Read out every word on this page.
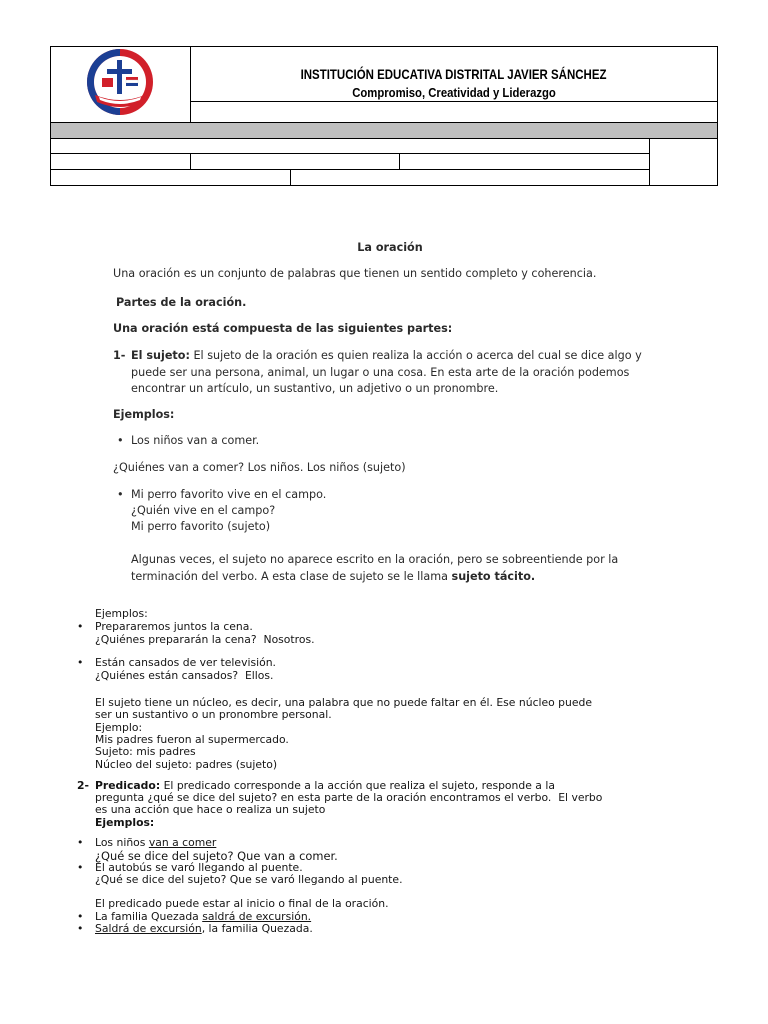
INSTITUCIÓN EDUCATIVA DISTRITAL JAVIER SÁNCHEZ
Compromiso, Creatividad y Liderazgo
La oración
Una oración es un conjunto de palabras que tienen un sentido completo y coherencia.
Partes de la oración.
Una oración está compuesta de las siguientes partes:
1- El sujeto: El sujeto de la oración es quien realiza la acción o acerca del cual se dice algo y
puede ser una persona, animal, un lugar o una cosa. En esta arte de la oración podemos
encontrar un artículo, un sustantivo, un adjetivo o un pronombre.
Ejemplos:
• Los niños van a comer.
¿Quiénes van a comer? Los niños. Los niños (sujeto)
• Mi perro favorito vive en el campo.
¿Quién vive en el campo?
Mi perro favorito (sujeto)
Algunas veces, el sujeto no aparece escrito en la oración, pero se sobreentiende por la
terminación del verbo. A esta clase de sujeto se le llama sujeto tácito.
Ejemplos:
• Prepararemos juntos la cena.
¿Quiénes prepararán la cena?  Nosotros.
• Están cansados de ver televisión.
¿Quiénes están cansados?  Ellos.
El sujeto tiene un núcleo, es decir, una palabra que no puede faltar en él. Ese núcleo puede
ser un sustantivo o un pronombre personal.
Ejemplo:
Mis padres fueron al supermercado.
Sujeto: mis padres
Núcleo del sujeto: padres (sujeto)
2- Predicado: El predicado corresponde a la acción que realiza el sujeto, responde a la
pregunta ¿qué se dice del sujeto? en esta parte de la oración encontramos el verbo.  El verbo
es una acción que hace o realiza un sujeto
Ejemplos:
• Los niños van a comer
¿Qué se dice del sujeto? Que van a comer.
• El autobús se varó llegando al puente.
¿Qué se dice del sujeto? Que se varó llegando al puente.
El predicado puede estar al inicio o final de la oración.
• La familia Quezada saldrá de excursión.
• Saldrá de excursión, la familia Quezada.
